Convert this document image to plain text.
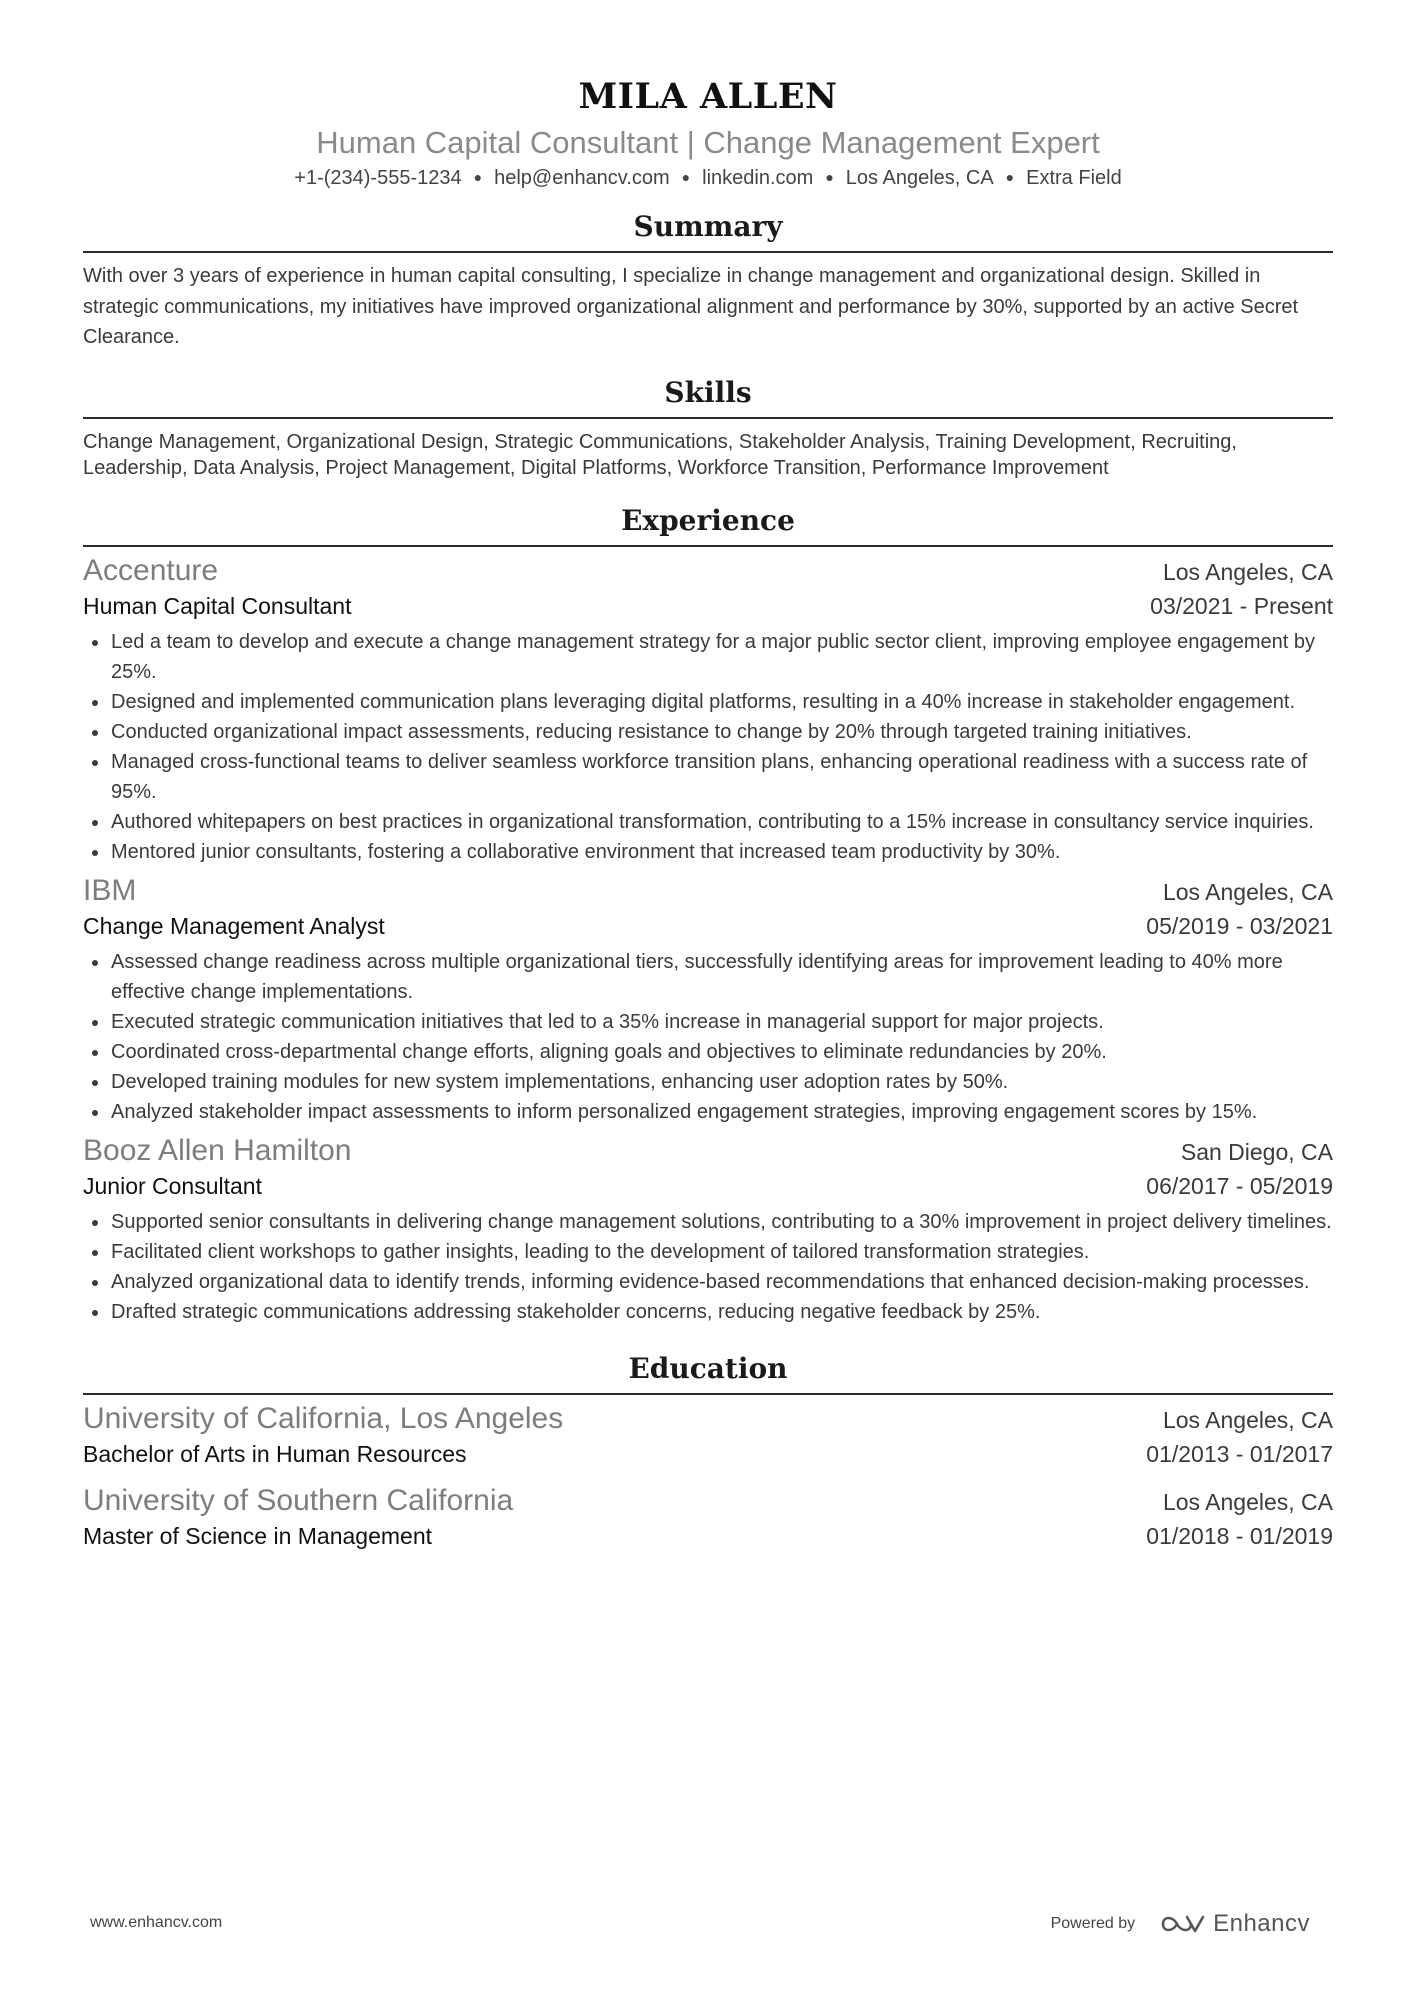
MILA ALLEN
Human Capital Consultant | Change Management Expert
+1-(234)-555-1234 ● help@enhancv.com ● linkedin.com ● Los Angeles, CA ● Extra Field
Summary
With over 3 years of experience in human capital consulting, I specialize in change management and organizational design. Skilled in strategic communications, my initiatives have improved organizational alignment and performance by 30%, supported by an active Secret Clearance.
Skills
Change Management, Organizational Design, Strategic Communications, Stakeholder Analysis, Training Development, Recruiting, Leadership, Data Analysis, Project Management, Digital Platforms, Workforce Transition, Performance Improvement
Experience
Accenture	Los Angeles, CA
Human Capital Consultant	03/2021 - Present
Led a team to develop and execute a change management strategy for a major public sector client, improving employee engagement by 25%.
Designed and implemented communication plans leveraging digital platforms, resulting in a 40% increase in stakeholder engagement.
Conducted organizational impact assessments, reducing resistance to change by 20% through targeted training initiatives.
Managed cross-functional teams to deliver seamless workforce transition plans, enhancing operational readiness with a success rate of 95%.
Authored whitepapers on best practices in organizational transformation, contributing to a 15% increase in consultancy service inquiries.
Mentored junior consultants, fostering a collaborative environment that increased team productivity by 30%.
IBM	Los Angeles, CA
Change Management Analyst	05/2019 - 03/2021
Assessed change readiness across multiple organizational tiers, successfully identifying areas for improvement leading to 40% more effective change implementations.
Executed strategic communication initiatives that led to a 35% increase in managerial support for major projects.
Coordinated cross-departmental change efforts, aligning goals and objectives to eliminate redundancies by 20%.
Developed training modules for new system implementations, enhancing user adoption rates by 50%.
Analyzed stakeholder impact assessments to inform personalized engagement strategies, improving engagement scores by 15%.
Booz Allen Hamilton	San Diego, CA
Junior Consultant	06/2017 - 05/2019
Supported senior consultants in delivering change management solutions, contributing to a 30% improvement in project delivery timelines.
Facilitated client workshops to gather insights, leading to the development of tailored transformation strategies.
Analyzed organizational data to identify trends, informing evidence-based recommendations that enhanced decision-making processes.
Drafted strategic communications addressing stakeholder concerns, reducing negative feedback by 25%.
Education
University of California, Los Angeles	Los Angeles, CA
Bachelor of Arts in Human Resources	01/2013 - 01/2017
University of Southern California	Los Angeles, CA
Master of Science in Management	01/2018 - 01/2019
www.enhancv.com	Powered by	Enhancv
